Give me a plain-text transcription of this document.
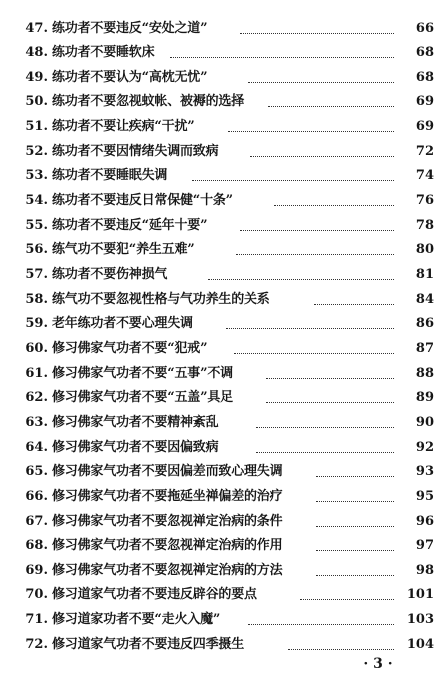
47. 练功者不要违反“安处之道”	66
48. 练功者不要睡软床	68
49. 练功者不要认为“高枕无忧”	68
50. 练功者不要忽视蚊帐、被褥的选择	69
51. 练功者不要让疾病“干扰”	69
52. 练功者不要因情绪失调而致病	72
53. 练功者不要睡眠失调	74
54. 练功者不要违反日常保健“十条”	76
55. 练功者不要违反“延年十要”	78
56. 练气功不要犯“养生五难”	80
57. 练功者不要伤神损气	81
58. 练气功不要忽视性格与气功养生的关系	84
59. 老年练功者不要心理失调	86
60. 修习佛家气功者不要“犯戒”	87
61. 修习佛家气功者不要“五事”不调	88
62. 修习佛家气功者不要“五盖”具足	89
63. 修习佛家气功者不要精神紊乱	90
64. 修习佛家气功者不要因偏致病	92
65. 修习佛家气功者不要因偏差而致心理失调	93
66. 修习佛家气功者不要拖延坐禅偏差的治疗	95
67. 修习佛家气功者不要忽视禅定治病的条件	96
68. 修习佛家气功者不要忽视禅定治病的作用	97
69. 修习佛家气功者不要忽视禅定治病的方法	98
70. 修习道家气功者不要违反辟谷的要点	101
71. 修习道家功者不要“走火入魔”	103
72. 修习道家气功者不要违反四季摄生	104
· 3 ·
